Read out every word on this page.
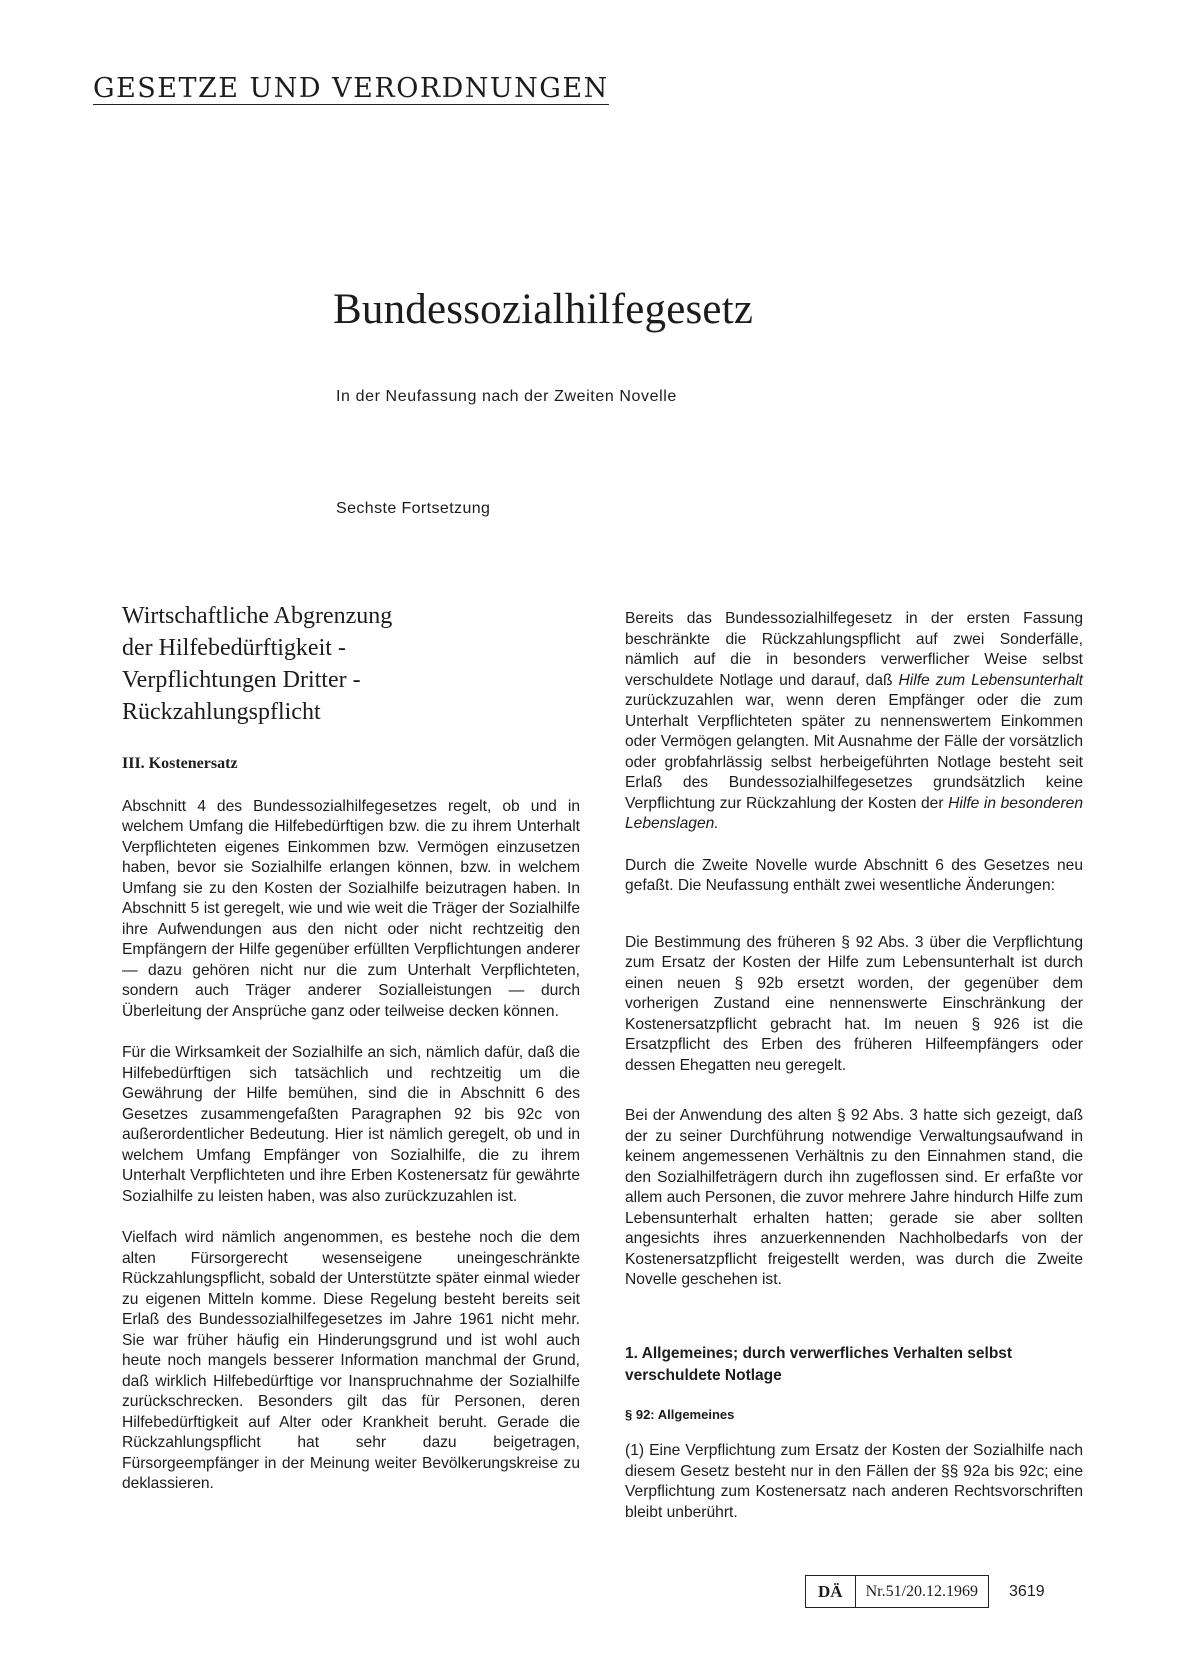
GESETZE UND VERORDNUNGEN
Bundessozialhilfegesetz
In der Neufassung nach der Zweiten Novelle
Sechste Fortsetzung
Wirtschaftliche Abgrenzung
der Hilfebedürftigkeit -
Verpflichtungen Dritter -
Rückzahlungspflicht
III. Kostenersatz

Abschnitt 4 des Bundessozialhilfegesetzes regelt, ob und in welchem Umfang die Hilfebedürftigen bzw. die zu ihrem Unterhalt Verpflichteten eigenes Einkommen bzw. Vermögen einzusetzen haben, bevor sie Sozialhilfe erlangen können, bzw. in welchem Umfang sie zu den Kosten der Sozialhilfe beizutragen haben. In Abschnitt 5 ist geregelt, wie und wie weit die Träger der Sozialhilfe ihre Aufwendungen aus den nicht oder nicht rechtzeitig den Empfängern der Hilfe gegenüber erfüllten Verpflichtungen anderer — dazu gehören nicht nur die zum Unterhalt Verpflichteten, sondern auch Träger anderer Sozialleistungen — durch Überleitung der Ansprüche ganz oder teilweise decken können.

Für die Wirksamkeit der Sozialhilfe an sich, nämlich dafür, daß die Hilfebedürftigen sich tatsächlich und rechtzeitig um die Gewährung der Hilfe bemühen, sind die in Abschnitt 6 des Gesetzes zusammengefaßten Paragraphen 92 bis 92c von außerordentlicher Bedeutung. Hier ist nämlich geregelt, ob und in welchem Umfang Empfänger von Sozialhilfe, die zu ihrem Unterhalt Verpflichteten und ihre Erben Kostenersatz für gewährte Sozialhilfe zu leisten haben, was also zurückzuzahlen ist.

Vielfach wird nämlich angenommen, es bestehe noch die dem alten Fürsorgerecht wesenseigene uneingeschränkte Rückzahlungspflicht, sobald der Unterstützte später einmal wieder zu eigenen Mitteln komme. Diese Regelung besteht bereits seit Erlaß des Bundessozialhilfegesetzes im Jahre 1961 nicht mehr. Sie war früher häufig ein Hinderungsgrund und ist wohl auch heute noch mangels besserer Information manchmal der Grund, daß wirklich Hilfebedürftige vor Inanspruchnahme der Sozialhilfe zurückschrecken. Besonders gilt das für Personen, deren Hilfebedürftigkeit auf Alter oder Krankheit beruht. Gerade die Rückzahlungspflicht hat sehr dazu beigetragen, Fürsorgeempfänger in der Meinung weiter Bevölkerungskreise zu deklassieren.

Bereits das Bundessozialhilfegesetz in der ersten Fassung beschränkte die Rückzahlungspflicht auf zwei Sonderfälle, nämlich auf die in besonders verwerflicher Weise selbst verschuldete Notlage und darauf, daß Hilfe zum Lebensunterhalt zurückzuzahlen war, wenn deren Empfänger oder die zum Unterhalt Verpflichteten später zu nennenswertem Einkommen oder Vermögen gelangten. Mit Ausnahme der Fälle der vorsätzlich oder grobfahrlässig selbst herbeigeführten Notlage besteht seit Erlaß des Bundessozialhilfegesetzes grundsätzlich keine Verpflichtung zur Rückzahlung der Kosten der Hilfe in besonderen Lebenslagen.

Durch die Zweite Novelle wurde Abschnitt 6 des Gesetzes neu gefaßt. Die Neufassung enthält zwei wesentliche Änderungen:

Die Bestimmung des früheren § 92 Abs. 3 über die Verpflichtung zum Ersatz der Kosten der Hilfe zum Lebensunterhalt ist durch einen neuen § 92b ersetzt worden, der gegenüber dem vorherigen Zustand eine nennenswerte Einschränkung der Kostenersatzpflicht gebracht hat. Im neuen § 926 ist die Ersatzpflicht des Erben des früheren Hilfeempfängers oder dessen Ehegatten neu geregelt.

Bei der Anwendung des alten § 92 Abs. 3 hatte sich gezeigt, daß der zu seiner Durchführung notwendige Verwaltungsaufwand in keinem angemessenen Verhältnis zu den Einnahmen stand, die den Sozialhilfeträgern durch ihn zugeflossen sind. Er erfaßte vor allem auch Personen, die zuvor mehrere Jahre hindurch Hilfe zum Lebensunterhalt erhalten hatten; gerade sie aber sollten angesichts ihres anzuerkennenden Nachholbedarfs von der Kostenersatzpflicht freigestellt werden, was durch die Zweite Novelle geschehen ist.

1. Allgemeines; durch verwerfliches Verhalten selbst verschuldete Notlage
§ 92: Allgemeines

(1) Eine Verpflichtung zum Ersatz der Kosten der Sozialhilfe nach diesem Gesetz besteht nur in den Fällen der §§ 92a bis 92c; eine Verpflichtung zum Kostenersatz nach anderen Rechtsvorschriften bleibt unberührt.

DÄ	Nr.51/20.12.1969	3619
